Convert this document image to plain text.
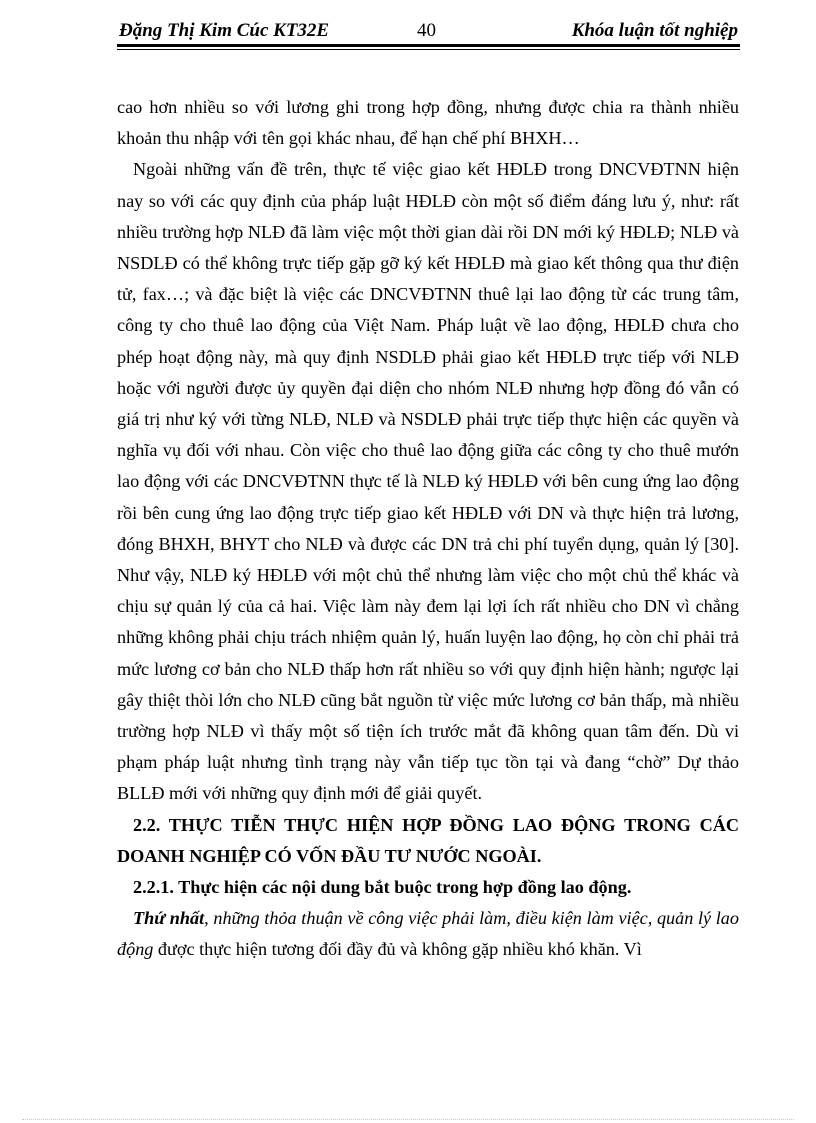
Đặng Thị Kim Cúc KT32E	40	Khóa luận tốt nghiệp

cao hơn nhiều so với lương ghi trong hợp đồng, nhưng được chia ra thành nhiều khoản thu nhập với tên gọi khác nhau, để hạn chế phí BHXH…

Ngoài những vấn đề trên, thực tế việc giao kết HĐLĐ trong DNCVĐTNN hiện nay so với các quy định của pháp luật HĐLĐ còn một số điểm đáng lưu ý, như: rất nhiều trường hợp NLĐ đã làm việc một thời gian dài rồi DN mới ký HĐLĐ; NLĐ và NSDLĐ có thể không trực tiếp gặp gỡ ký kết HĐLĐ mà giao kết thông qua thư điện tử, fax…; và đặc biệt là việc các DNCVĐTNN thuê lại lao động từ các trung tâm, công ty cho thuê lao động của Việt Nam. Pháp luật về lao động, HĐLĐ chưa cho phép hoạt động này, mà quy định NSDLĐ phải giao kết HĐLĐ trực tiếp với NLĐ hoặc với người được ủy quyền đại diện cho nhóm NLĐ nhưng hợp đồng đó vẫn có giá trị như ký với từng NLĐ, NLĐ và NSDLĐ phải trực tiếp thực hiện các quyền và nghĩa vụ đối với nhau. Còn việc cho thuê lao động giữa các công ty cho thuê mướn lao động với các DNCVĐTNN thực tế là NLĐ ký HĐLĐ với bên cung ứng lao động rồi bên cung ứng lao động trực tiếp giao kết HĐLĐ với DN và thực hiện trả lương, đóng BHXH, BHYT cho NLĐ và được các DN trả chi phí tuyển dụng, quản lý [30]. Như vậy, NLĐ ký HĐLĐ với một chủ thể nhưng làm việc cho một chủ thể khác và chịu sự quản lý của cả hai. Việc làm này đem lại lợi ích rất nhiều cho DN vì chẳng những không phải chịu trách nhiệm quản lý, huấn luyện lao động, họ còn chỉ phải trả mức lương cơ bản cho NLĐ thấp hơn rất nhiều so với quy định hiện hành; ngược lại gây thiệt thòi lớn cho NLĐ cũng bắt nguồn từ việc mức lương cơ bản thấp, mà nhiều trường hợp NLĐ vì thấy một số tiện ích trước mắt đã không quan tâm đến. Dù vi phạm pháp luật nhưng tình trạng này vẫn tiếp tục tồn tại và đang “chờ” Dự thảo BLLĐ mới với những quy định mới để giải quyết.

2.2. THỰC TIỄN THỰC HIỆN HỢP ĐỒNG LAO ĐỘNG TRONG CÁC DOANH NGHIỆP CÓ VỐN ĐẦU TƯ NƯỚC NGOÀI.

2.2.1. Thực hiện các nội dung bắt buộc trong hợp đồng lao động.

Thứ nhất, những thỏa thuận về công việc phải làm, điều kiện làm việc, quản lý lao động được thực hiện tương đối đầy đủ và không gặp nhiều khó khăn. Vì
